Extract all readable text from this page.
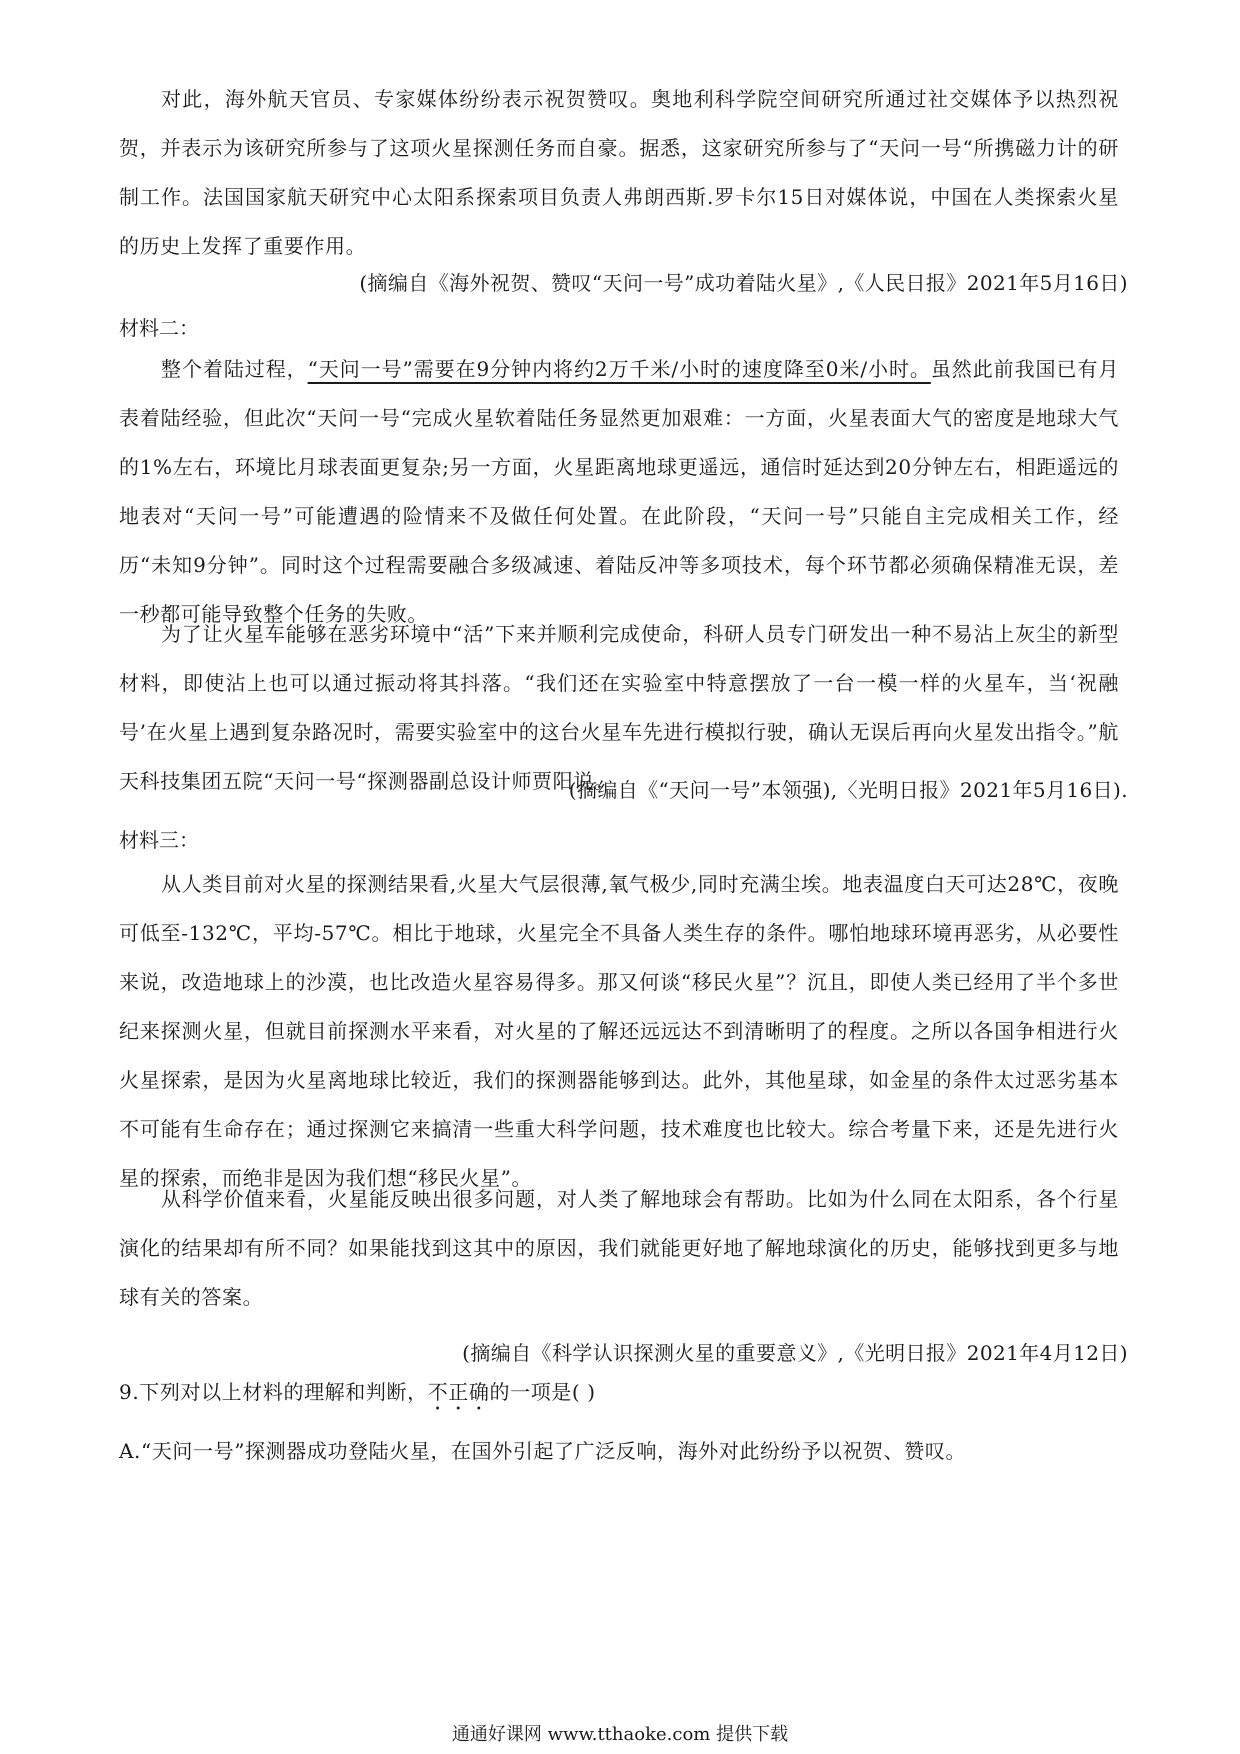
对此，海外航天官员、专家媒体纷纷表示祝贺赞叹。奥地利科学院空间研究所通过社交媒体予以热烈祝贺，并表示为该研究所参与了这项火星探测任务而自豪。据悉，这家研究所参与了“天问一号“所携磁力计的研制工作。法国国家航天研究中心太阳系探索项目负责人弗朗西斯.罗卡尔15日对媒体说，中国在人类探索火星的历史上发挥了重要作用。

(摘编自《海外祝贺、赞叹“天问一号”成功着陆火星》,《人民日报》2021年5月16日)

材料二：

整个着陆过程，“天问一号”需要在9分钟内将约2万千米/小时的速度降至0米/小时。虽然此前我国已有月表着陆经验，但此次“天问一号“完成火星软着陆任务显然更加艰难：一方面，火星表面大气的密度是地球大气的1%左右，环境比月球表面更复杂;另一方面，火星距离地球更遥远，通信时延达到20分钟左右，相距遥远的地表对“天问一号”可能遭遇的险情来不及做任何处置。在此阶段，“天问一号”只能自主完成相关工作，经历“未知9分钟”。同时这个过程需要融合多级减速、着陆反冲等多项技术，每个环节都必须确保精准无误，差一秒都可能导致整个任务的失败。

为了让火星车能够在恶劣环境中“活”下来并顺利完成使命，科研人员专门研发出一种不易沾上灰尘的新型材料，即使沾上也可以通过振动将其抖落。“我们还在实验室中特意摆放了一台一模一样的火星车，当‘祝融号’在火星上遇到复杂路况时，需要实验室中的这台火星车先进行模拟行驶，确认无误后再向火星发出指令。”航天科技集团五院“天问一号“探测器副总设计师贾阳说。

(摘编自《“天问一号”本领强),〈光明日报》2021年5月16日).

材料三：

从人类目前对火星的探测结果看,火星大气层很薄,氧气极少,同时充满尘埃。地表温度白天可达28℃，夜晚可低至-132℃，平均-57℃。相比于地球，火星完全不具备人类生存的条件。哪怕地球环境再恶劣，从必要性来说，改造地球上的沙漠，也比改造火星容易得多。那又何谈“移民火星”？沉且，即使人类已经用了半个多世纪来探测火星，但就目前探测水平来看，对火星的了解还远远达不到清晰明了的程度。之所以各国争相进行火火星探索，是因为火星离地球比较近，我们的探测器能够到达。此外，其他星球，如金星的条件太过恶劣基本不可能有生命存在；通过探测它来搞清一些重大科学问题，技术难度也比较大。综合考量下来，还是先进行火星的探索，而绝非是因为我们想“移民火星”。

从科学价值来看，火星能反映出很多问题，对人类了解地球会有帮助。比如为什么同在太阳系，各个行星演化的结果却有所不同？如果能找到这其中的原因，我们就能更好地了解地球演化的历史，能够找到更多与地球有关的答案。

(摘编自《科学认识探测火星的重要意义》,《光明日报》2021年4月12日)

9.下列对以上材料的理解和判断，不正确的一项是( )

A.“天问一号”探测器成功登陆火星，在国外引起了广泛反响，海外对此纷纷予以祝贺、赞叹。

通通好课网 www.tthaoke.com 提供下载
